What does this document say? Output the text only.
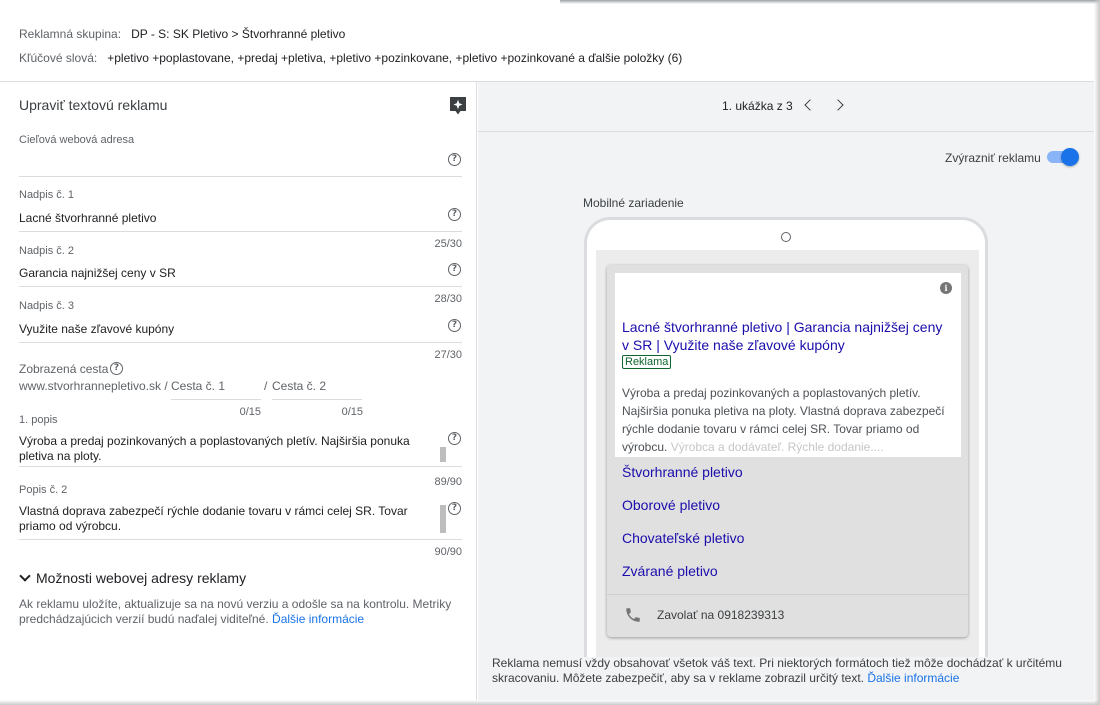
Reklamná skupina: DP - S: SK Pletivo > Štvorhranné pletivo
Kľúčové slová: +pletivo +poplastovane, +predaj +pletiva, +pletivo +pozinkovane, +pletivo +pozinkované a ďalšie položky (6)
Upraviť textovú reklamu
Cieľová webová adresa
?
Nadpis č. 1
Lacné štvorhranné pletivo	?
25/30
Nadpis č. 2
Garancia najnižšej ceny v SR	?
28/30
Nadpis č. 3
Využite naše zľavové kupóny	?
27/30
Zobrazená cesta ?
www.stvorhrannepletivo.sk / Cesta č. 1
0/15
/ Cesta č. 2
0/15
1. popis
Výroba a predaj pozinkovaných a poplastovaných pletív. Najširšia ponuka pletiva na ploty.
?
89/90
Popis č. 2
Vlastná doprava zabezpečí rýchle dodanie tovaru v rámci celej SR. Tovar priamo od výrobcu.
?
90/90
Možnosti webovej adresy reklamy
Ak reklamu uložíte, aktualizuje sa na novú verziu a odošle sa na kontrolu. Metriky predchádzajúcich verzií budú naďalej viditeľné. Ďalšie informácie
1. ukážka z 3
Zvýrazniť reklamu
Mobilné zariadenie
i
Lacné štvorhranné pletivo | Garancia najnižšej ceny v SR | Využite naše zľavové kupóny
Reklama
Výroba a predaj pozinkovaných a poplastovaných pletív. Najširšia ponuka pletiva na ploty. Vlastná doprava zabezpečí rýchle dodanie tovaru v rámci celej SR. Tovar priamo od výrobcu. Výrobca a dodávateľ. Rýchle dodanie....
Štvorhranné pletivo
Oborové pletivo
Chovateľské pletivo
Zvárané pletivo
Zavolať na 0918239313
Reklama nemusí vždy obsahovať všetok váš text. Pri niektorých formátoch tiež môže dochádzať k určitému skracovaniu. Môžete zabezpečiť, aby sa v reklame zobrazil určitý text. Ďalšie informácie
